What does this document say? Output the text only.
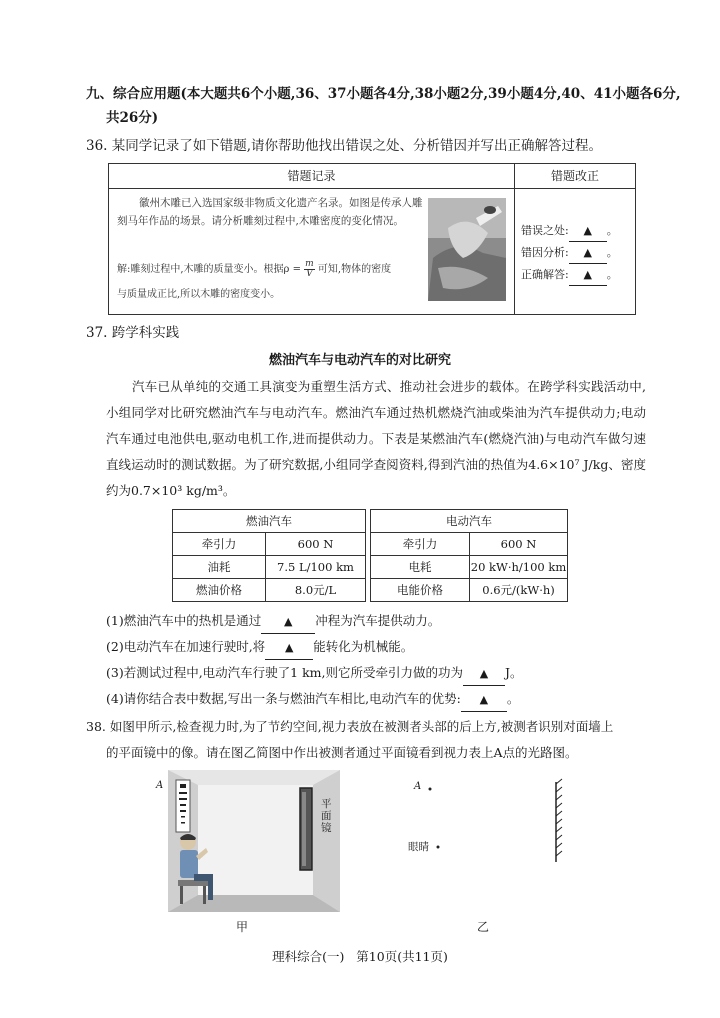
九、综合应用题(本大题共6个小题,36、37小题各4分,38小题2分,39小题4分,40、41小题各6分,
共26分)
36. 某同学记录了如下错题,请你帮助他找出错误之处、分析错因并写出正确解答过程。
错题记录	错题改正
徽州木雕已入选国家级非物质文化遗产名录。如图是传承人雕刻马年作品的场景。请分析雕刻过程中,木雕密度的变化情况。
解:雕刻过程中,木雕的质量变小。根据$\rho = \frac{m}{V}$ 可知,物体的密度
与质量成正比,所以木雕的密度变小。
错误之处: ▲ 。
错因分析: ▲ 。
正确解答: ▲ 。
37. 跨学科实践
燃油汽车与电动汽车的对比研究
汽车已从单纯的交通工具演变为重塑生活方式、推动社会进步的载体。在跨学科实践活动中,小组同学对比研究燃油汽车与电动汽车。燃油汽车通过热机燃烧汽油或柴油为汽车提供动力;电动汽车通过电池供电,驱动电机工作,进而提供动力。下表是某燃油汽车(燃烧汽油)与电动汽车做匀速直线运动时的测试数据。为了研究数据,小组同学查阅资料,得到汽油的热值为4.6×10⁷ J/kg、密度约为0.7×10³ kg/m³。
燃油汽车	
牵引力	600 N
油耗	7.5 L/100 km
燃油价格	8.0元/L
电动汽车	
牵引力	600 N
电耗	20 kW·h/100 km
电能价格	0.6元/(kW·h)
(1)燃油汽车中的热机是通过 ▲ 冲程为汽车提供动力。
(2)电动汽车在加速行驶时,将 ▲ 能转化为机械能。
(3)若测试过程中,电动汽车行驶了1 km,则它所受牵引力做的功为 ▲ J。
(4)请你结合表中数据,写出一条与燃油汽车相比,电动汽车的优势: ▲ 。
38. 如图甲所示,检查视力时,为了节约空间,视力表放在被测者头部的后上方,被测者识别对面墙上
的平面镜中的像。请在图乙简图中作出被测者通过平面镜看到视力表上A点的光路图。
A
平面镜
甲
A
眼睛
乙
理科综合(一)   第10页(共11页)
